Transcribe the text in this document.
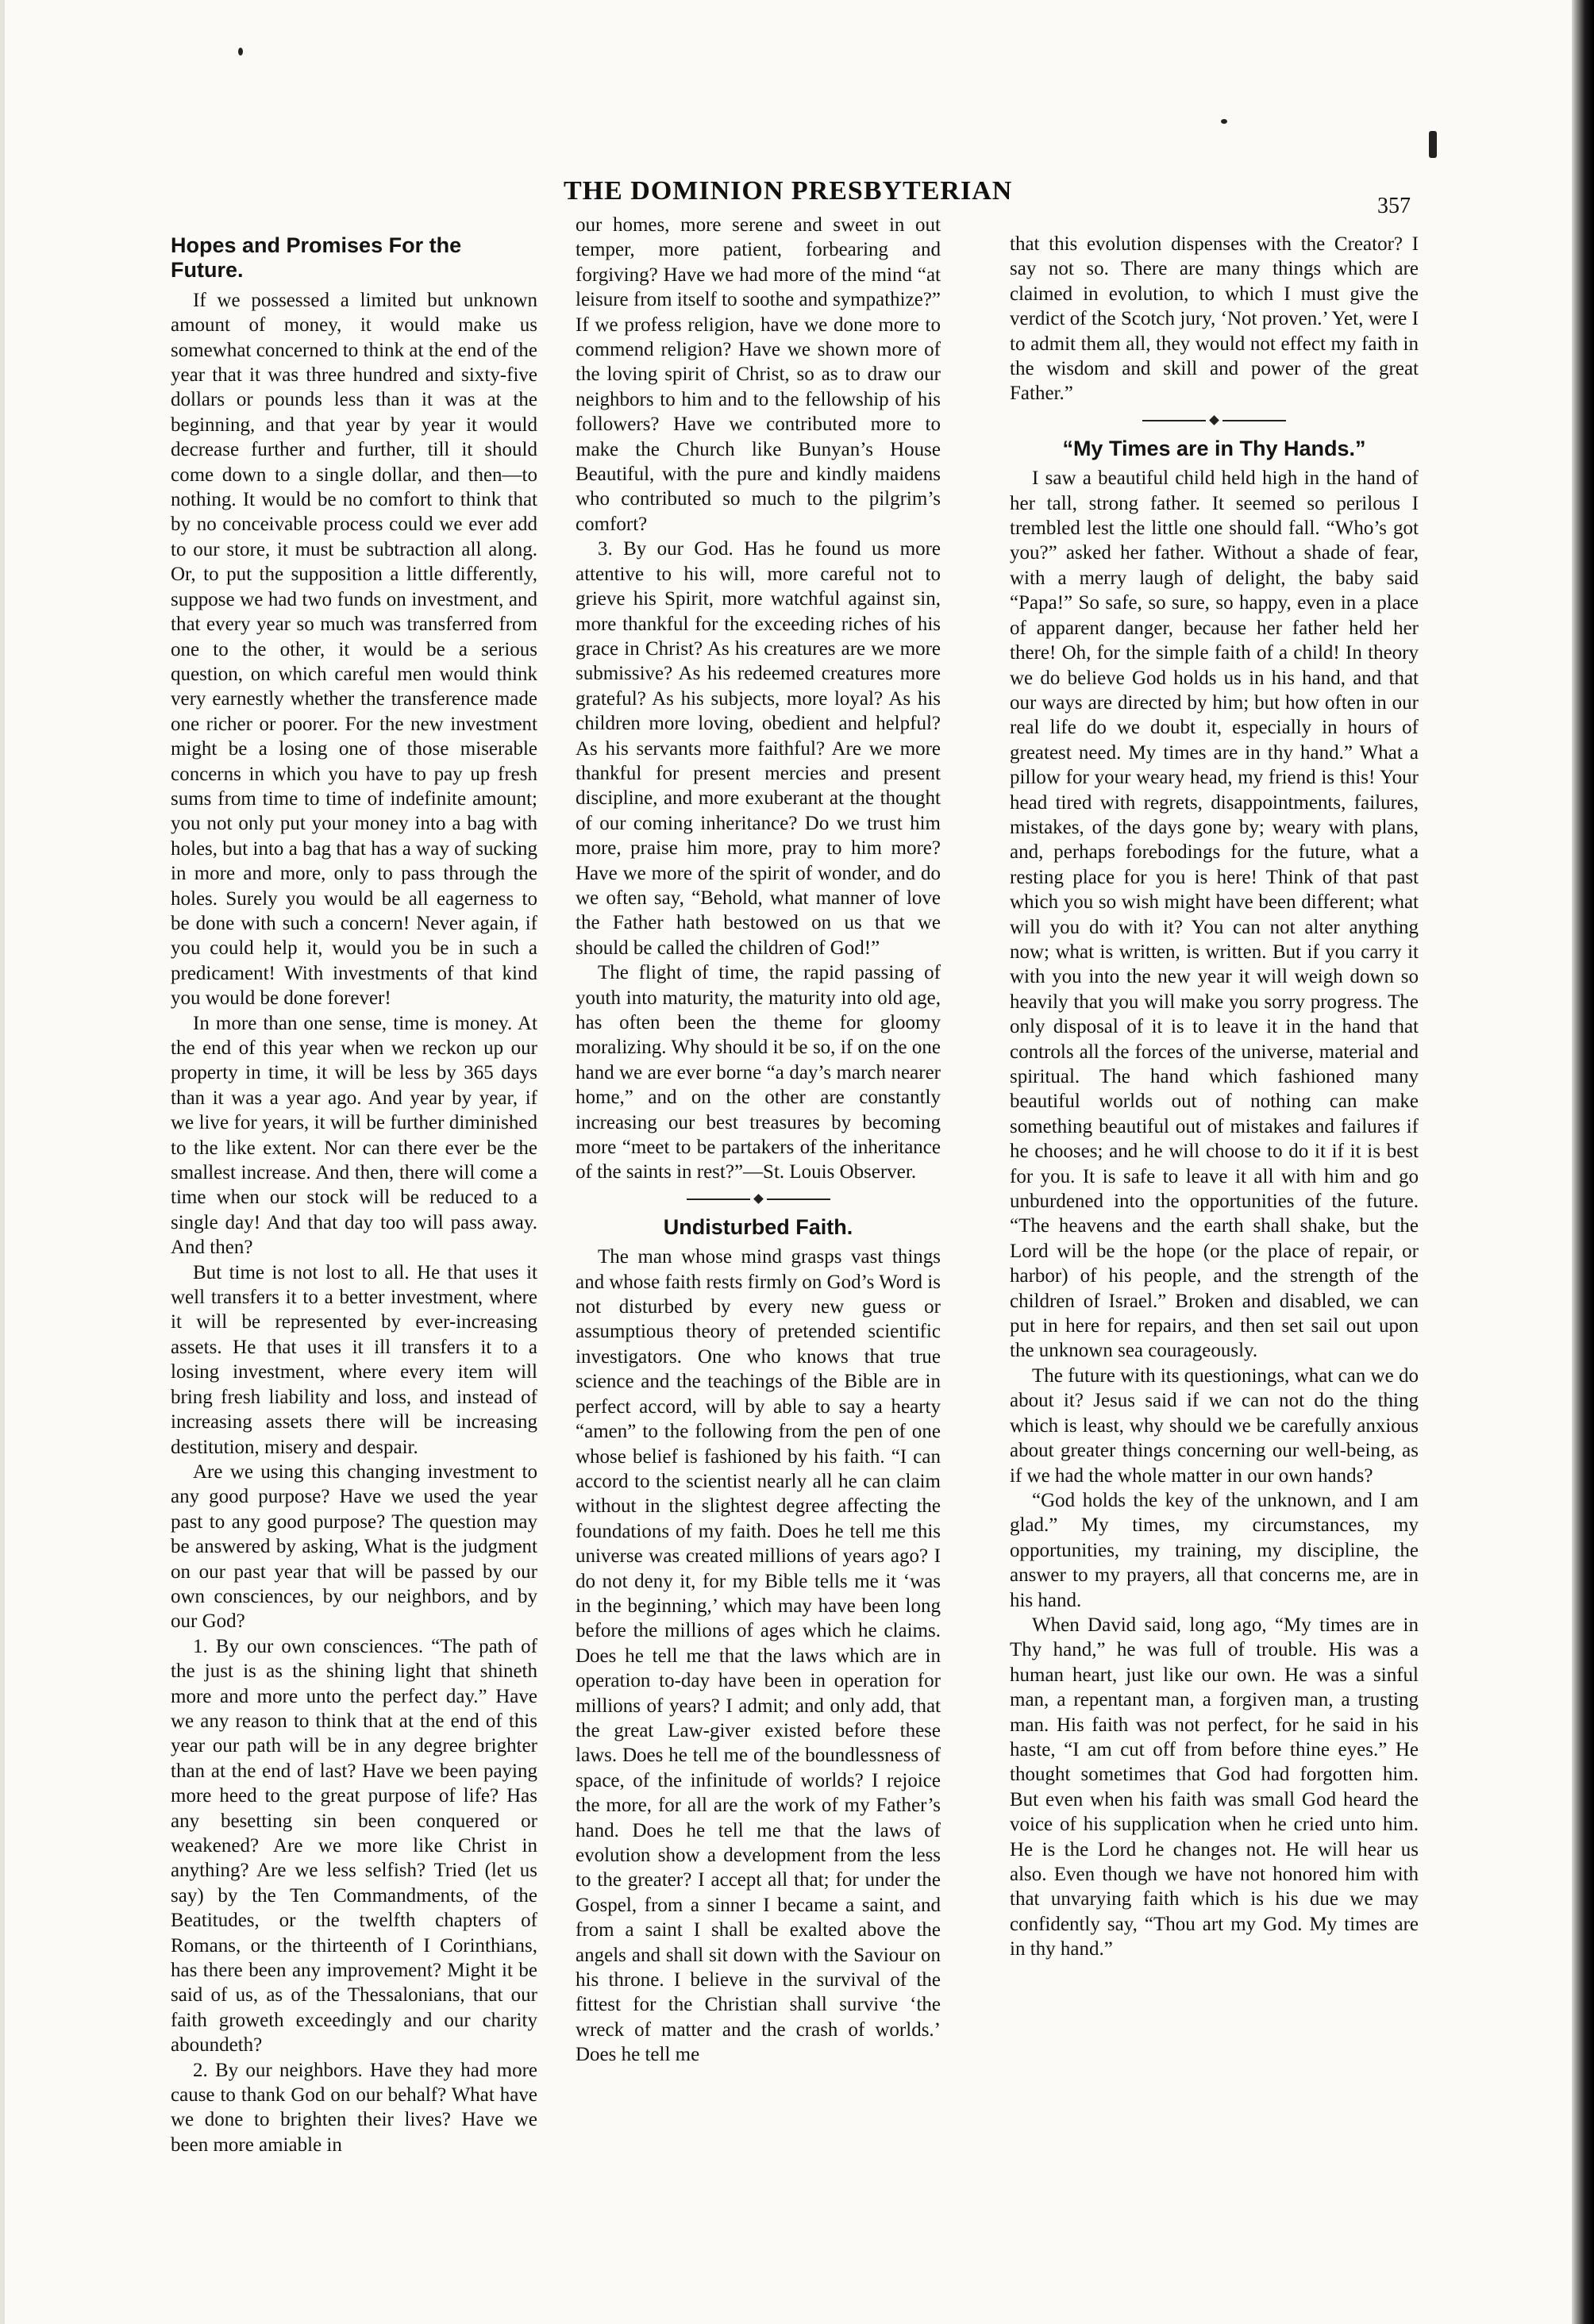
THE DOMINION PRESBYTERIAN
357
Hopes and Promises For the Future.

If we possessed a limited but unknown amount of money, it would make us somewhat concerned to think at the end of the year that it was three hundred and sixty-five dollars or pounds less than it was at the beginning, and that year by year it would decrease further and further, till it should come down to a single dollar, and then—to nothing. It would be no comfort to think that by no conceivable process could we ever add to our store, it must be subtraction all along. Or, to put the supposition a little differently, suppose we had two funds on investment, and that every year so much was transferred from one to the other, it would be a serious question, on which careful men would think very earnestly whether the transference made one richer or poorer. For the new investment might be a losing one of those miserable concerns in which you have to pay up fresh sums from time to time of indefinite amount; you not only put your money into a bag with holes, but into a bag that has a way of sucking in more and more, only to pass through the holes. Surely you would be all eagerness to be done with such a concern! Never again, if you could help it, would you be in such a predicament! With investments of that kind you would be done forever!

In more than one sense, time is money. At the end of this year when we reckon up our property in time, it will be less by 365 days than it was a year ago. And year by year, if we live for years, it will be further diminished to the like extent. Nor can there ever be the smallest increase. And then, there will come a time when our stock will be reduced to a single day! And that day too will pass away. And then?

But time is not lost to all. He that uses it well transfers it to a better investment, where it will be represented by ever-increasing assets. He that uses it ill transfers it to a losing investment, where every item will bring fresh liability and loss, and instead of increasing assets there will be increasing destitution, misery and despair.

Are we using this changing investment to any good purpose? Have we used the year past to any good purpose? The question may be answered by asking, What is the judgment on our past year that will be passed by our own consciences, by our neighbors, and by our God?

1. By our own consciences. “The path of the just is as the shining light that shineth more and more unto the perfect day.” Have we any reason to think that at the end of this year our path will be in any degree brighter than at the end of last? Have we been paying more heed to the great purpose of life? Has any besetting sin been conquered or weakened? Are we more like Christ in anything? Are we less selfish? Tried (let us say) by the Ten Commandments, of the Beatitudes, or the twelfth chapters of Romans, or the thirteenth of I Corinthians, has there been any improvement? Might it be said of us, as of the Thessalonians, that our faith groweth exceedingly and our charity aboundeth?

2. By our neighbors. Have they had more cause to thank God on our behalf? What have we done to brighten their lives? Have we been more amiable in

our homes, more serene and sweet in out temper, more patient, forbearing and forgiving? Have we had more of the mind “at leisure from itself to soothe and sympathize?” If we profess religion, have we done more to commend religion? Have we shown more of the loving spirit of Christ, so as to draw our neighbors to him and to the fellowship of his followers? Have we contributed more to make the Church like Bunyan’s House Beautiful, with the pure and kindly maidens who contributed so much to the pilgrim’s comfort?

3. By our God. Has he found us more attentive to his will, more careful not to grieve his Spirit, more watchful against sin, more thankful for the exceeding riches of his grace in Christ? As his creatures are we more submissive? As his redeemed creatures more grateful? As his subjects, more loyal? As his children more loving, obedient and helpful? As his servants more faithful? Are we more thankful for present mercies and present discipline, and more exuberant at the thought of our coming inheritance? Do we trust him more, praise him more, pray to him more? Have we more of the spirit of wonder, and do we often say, “Behold, what manner of love the Father hath bestowed on us that we should be called the children of God!”

The flight of time, the rapid passing of youth into maturity, the maturity into old age, has often been the theme for gloomy moralizing. Why should it be so, if on the one hand we are ever borne “a day’s march nearer home,” and on the other are constantly increasing our best treasures by becoming more “meet to be partakers of the inheritance of the saints in rest?”—St. Louis Observer.

Undisturbed Faith.

The man whose mind grasps vast things and whose faith rests firmly on God’s Word is not disturbed by every new guess or assumptious theory of pretended scientific investigators. One who knows that true science and the teachings of the Bible are in perfect accord, will by able to say a hearty “amen” to the following from the pen of one whose belief is fashioned by his faith. “I can accord to the scientist nearly all he can claim without in the slightest degree affecting the foundations of my faith. Does he tell me this universe was created millions of years ago? I do not deny it, for my Bible tells me it ‘was in the beginning,’ which may have been long before the millions of ages which he claims. Does he tell me that the laws which are in operation to-day have been in operation for millions of years? I admit; and only add, that the great Law-giver existed before these laws. Does he tell me of the boundlessness of space, of the infinitude of worlds? I rejoice the more, for all are the work of my Father’s hand. Does he tell me that the laws of evolution show a development from the less to the greater? I accept all that; for under the Gospel, from a sinner I became a saint, and from a saint I shall be exalted above the angels and shall sit down with the Saviour on his throne. I believe in the survival of the fittest for the Christian shall survive ‘the wreck of matter and the crash of worlds.’ Does he tell me

that this evolution dispenses with the Creator? I say not so. There are many things which are claimed in evolution, to which I must give the verdict of the Scotch jury, ‘Not proven.’ Yet, were I to admit them all, they would not effect my faith in the wisdom and skill and power of the great Father.”

“My Times are in Thy Hands.”

I saw a beautiful child held high in the hand of her tall, strong father. It seemed so perilous I trembled lest the little one should fall. “Who’s got you?” asked her father. Without a shade of fear, with a merry laugh of delight, the baby said “Papa!” So safe, so sure, so happy, even in a place of apparent danger, because her father held her there! Oh, for the simple faith of a child! In theory we do believe God holds us in his hand, and that our ways are directed by him; but how often in our real life do we doubt it, especially in hours of greatest need. My times are in thy hand.” What a pillow for your weary head, my friend is this! Your head tired with regrets, disappointments, failures, mistakes, of the days gone by; weary with plans, and, perhaps forebodings for the future, what a resting place for you is here! Think of that past which you so wish might have been different; what will you do with it? You can not alter anything now; what is written, is written. But if you carry it with you into the new year it will weigh down so heavily that you will make you sorry progress. The only disposal of it is to leave it in the hand that controls all the forces of the universe, material and spiritual. The hand which fashioned many beautiful worlds out of nothing can make something beautiful out of mistakes and failures if he chooses; and he will choose to do it if it is best for you. It is safe to leave it all with him and go unburdened into the opportunities of the future. “The heavens and the earth shall shake, but the Lord will be the hope (or the place of repair, or harbor) of his people, and the strength of the children of Israel.” Broken and disabled, we can put in here for repairs, and then set sail out upon the unknown sea courageously.

The future with its questionings, what can we do about it? Jesus said if we can not do the thing which is least, why should we be carefully anxious about greater things concerning our well-being, as if we had the whole matter in our own hands?

“God holds the key of the unknown, and I am glad.” My times, my circumstances, my opportunities, my training, my discipline, the answer to my prayers, all that concerns me, are in his hand.

When David said, long ago, “My times are in Thy hand,” he was full of trouble. His was a human heart, just like our own. He was a sinful man, a repentant man, a forgiven man, a trusting man. His faith was not perfect, for he said in his haste, “I am cut off from before thine eyes.” He thought sometimes that God had forgotten him. But even when his faith was small God heard the voice of his supplication when he cried unto him. He is the Lord he changes not. He will hear us also. Even though we have not honored him with that unvarying faith which is his due we may confidently say, “Thou art my God. My times are in thy hand.”
